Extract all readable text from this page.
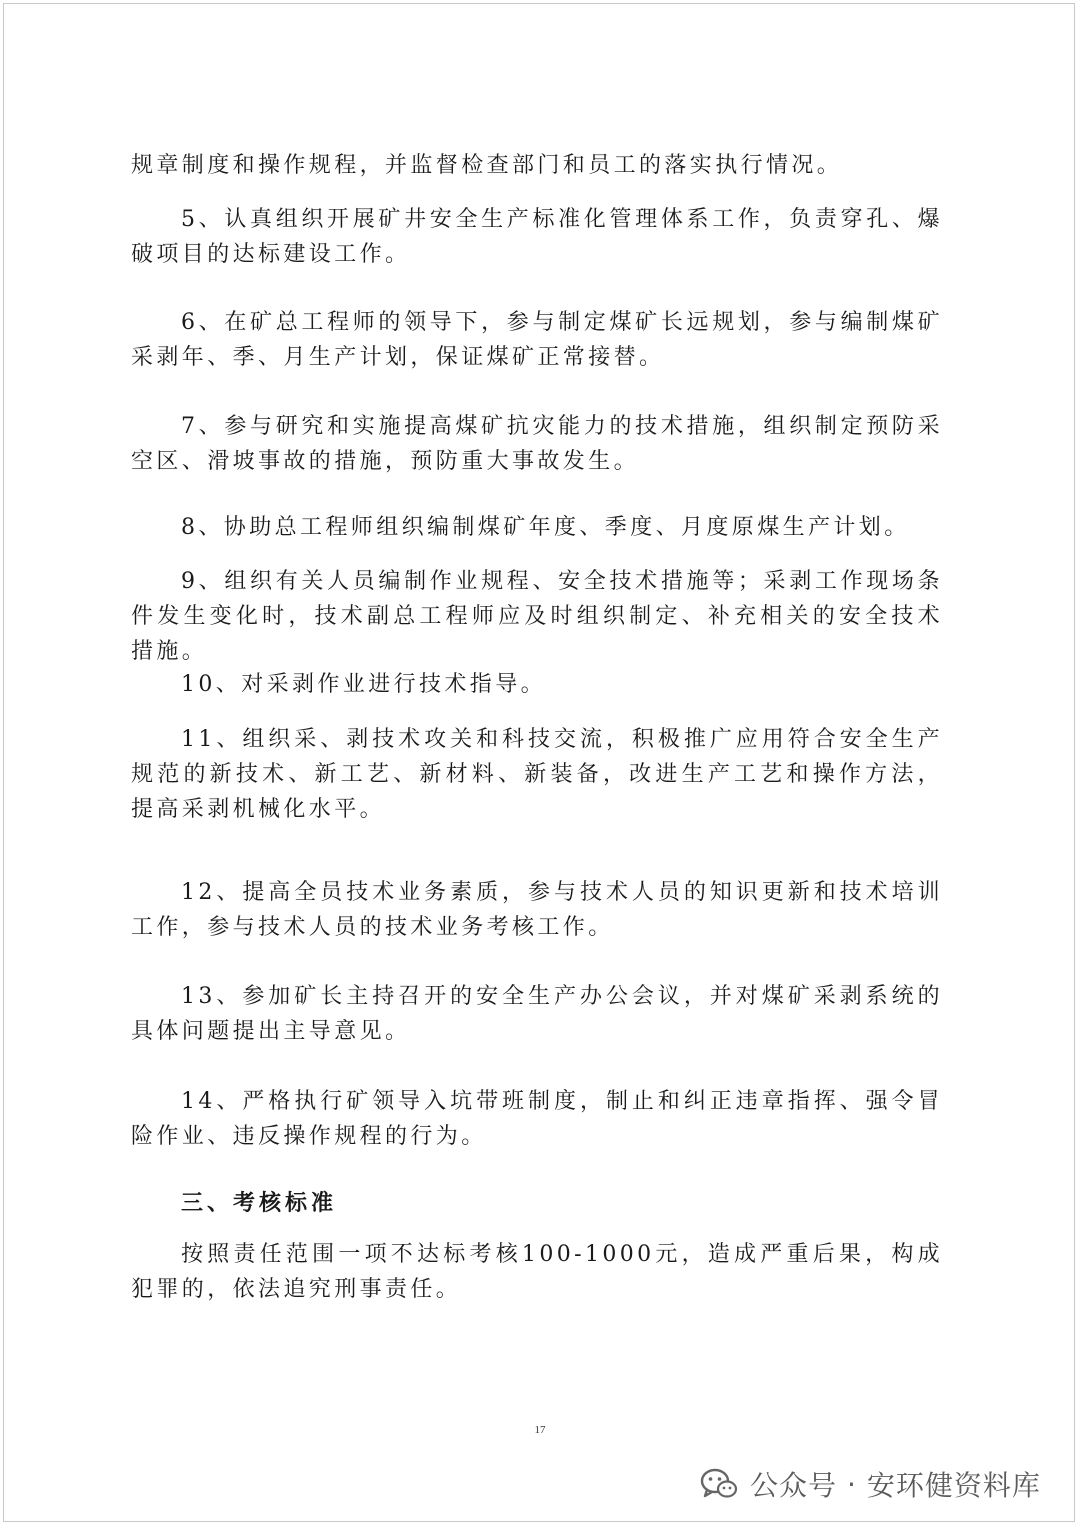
规章制度和操作规程，并监督检查部门和员工的落实执行情况。

5、认真组织开展矿井安全生产标准化管理体系工作，负责穿孔、爆破项目的达标建设工作。

6、在矿总工程师的领导下，参与制定煤矿长远规划，参与编制煤矿采剥年、季、月生产计划，保证煤矿正常接替。

7、参与研究和实施提高煤矿抗灾能力的技术措施，组织制定预防采空区、滑坡事故的措施，预防重大事故发生。

8、协助总工程师组织编制煤矿年度、季度、月度原煤生产计划。

9、组织有关人员编制作业规程、安全技术措施等；采剥工作现场条件发生变化时，技术副总工程师应及时组织制定、补充相关的安全技术措施。

10、对采剥作业进行技术指导。

11、组织采、剥技术攻关和科技交流，积极推广应用符合安全生产规范的新技术、新工艺、新材料、新装备，改进生产工艺和操作方法，提高采剥机械化水平。

12、提高全员技术业务素质，参与技术人员的知识更新和技术培训工作，参与技术人员的技术业务考核工作。

13、参加矿长主持召开的安全生产办公会议，并对煤矿采剥系统的具体问题提出主导意见。

14、严格执行矿领导入坑带班制度，制止和纠正违章指挥、强令冒险作业、违反操作规程的行为。

三、考核标准

按照责任范围一项不达标考核100-1000元，造成严重后果，构成犯罪的，依法追究刑事责任。

17
公众号 · 安环健资料库
